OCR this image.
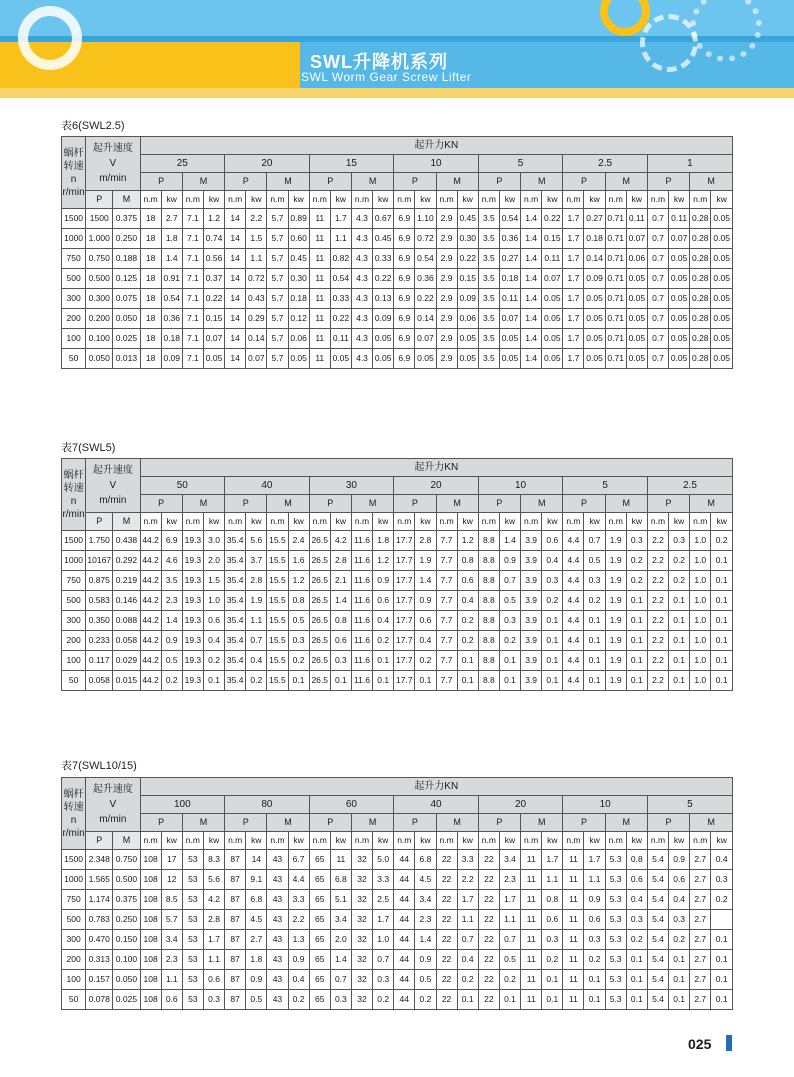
SWL升降机系列
SWL Worm Gear Screw Lifter
表6(SWL2.5)
蜗杆
转速
n
r/min	起升速度
V
m/min		起升力KN																											
			25				20				15				10				5				2.5				1			
			P		M		P		M		P		M		P		M		P		M		P		M		P		M	
	P	M	n.m	kw	n.m	kw	n.m	kw	n.m	kw	n.m	kw	n.m	kw	n.m	kw	n.m	kw	n.m	kw	n.m	kw	n.m	kw	n.m	kw	n.m	kw	n.m	kw
1500	1500	0.375	18	2.7	7.1	1.2	14	2.2	5.7	0.89	11	1.7	4.3	0.67	6.9	1.10	2.9	0.45	3.5	0.54	1.4	0.22	1.7	0.27	0.71	0.11	0.7	0.11	0.28	0.05
1000	1.000	0.250	18	1.8	7.1	0.74	14	1.5	5.7	0.60	11	1.1	4.3	0.45	6.9	0.72	2.9	0.30	3.5	0.36	1.4	0.15	1.7	0.18	0.71	0.07	0.7	0.07	0.28	0.05
750	0.750	0.188	18	1.4	7.1	0.56	14	1.1	5.7	0.45	11	0.82	4.3	0.33	6.9	0.54	2.9	0.22	3.5	0.27	1.4	0.11	1.7	0.14	0.71	0.06	0.7	0.05	0.28	0.05
500	0.500	0.125	18	0.91	7.1	0.37	14	0.72	5.7	0.30	11	0.54	4.3	0.22	6.9	0.36	2.9	0.15	3.5	0.18	1.4	0.07	1.7	0.09	0.71	0.05	0.7	0.05	0.28	0.05
300	0.300	0.075	18	0.54	7.1	0.22	14	0.43	5.7	0.18	11	0.33	4.3	0.13	6.9	0.22	2.9	0.09	3.5	0.11	1.4	0.05	1.7	0.05	0.71	0.05	0.7	0.05	0.28	0.05
200	0.200	0.050	18	0.36	7.1	0.15	14	0.29	5.7	0.12	11	0.22	4.3	0.09	6.9	0.14	2.9	0.06	3.5	0.07	1.4	0.05	1.7	0.05	0.71	0.05	0.7	0.05	0.28	0.05
100	0.100	0.025	18	0.18	7.1	0.07	14	0.14	5.7	0.06	11	0.11	4.3	0.05	6.9	0.07	2.9	0.05	3.5	0.05	1.4	0.05	1.7	0.05	0.71	0.05	0.7	0.05	0.28	0.05
50	0.050	0.013	18	0.09	7.1	0.05	14	0.07	5.7	0.05	11	0.05	4.3	0.05	6.9	0.05	2.9	0.05	3.5	0.05	1.4	0.05	1.7	0.05	0.71	0.05	0.7	0.05	0.28	0.05
表7(SWL5)
蜗杆
转速
n
r/min	起升速度
V
m/min		起升力KN																											
			50				40				30				20				10				5				2.5			
			P		M		P		M		P		M		P		M		P		M		P		M		P		M	
	P	M	n.m	kw	n.m	kw	n.m	kw	n.m	kw	n.m	kw	n.m	kw	n.m	kw	n.m	kw	n.m	kw	n.m	kw	n.m	kw	n.m	kw	n.m	kw	n.m	kw
1500	1.750	0.438	44.2	6.9	19.3	3.0	35.4	5.6	15.5	2.4	26.5	4.2	11.6	1.8	17.7	2.8	7.7	1.2	8.8	1.4	3.9	0.6	4.4	0.7	1.9	0.3	2.2	0.3	1.0	0.2
1000	10167	0.292	44.2	4.6	19.3	2.0	35.4	3.7	15.5	1.6	26.5	2.8	11.6	1.2	17.7	1.9	7.7	0.8	8.8	0.9	3.9	0.4	4.4	0.5	1.9	0.2	2.2	0.2	1.0	0.1
750	0.875	0.219	44.2	3.5	19.3	1.5	35.4	2.8	15.5	1.2	26.5	2.1	11.6	0.9	17.7	1.4	7.7	0.6	8.8	0.7	3.9	0.3	4.4	0.3	1.9	0.2	2.2	0.2	1.0	0.1
500	0.583	0.146	44.2	2.3	19.3	1.0	35.4	1.9	15.5	0.8	26.5	1.4	11.6	0.6	17.7	0.9	7.7	0.4	8.8	0.5	3.9	0.2	4.4	0.2	1.9	0.1	2.2	0.1	1.0	0.1
300	0.350	0.088	44.2	1.4	19.3	0.6	35.4	1.1	15.5	0.5	26.5	0.8	11.6	0.4	17.7	0.6	7.7	0.2	8.8	0.3	3.9	0.1	4.4	0.1	1.9	0.1	2.2	0.1	1.0	0.1
200	0.233	0.058	44.2	0.9	19.3	0.4	35.4	0.7	15.5	0.3	26.5	0.6	11.6	0.2	17.7	0.4	7.7	0.2	8.8	0.2	3.9	0.1	4.4	0.1	1.9	0.1	2.2	0.1	1.0	0.1
100	0.117	0.029	44.2	0.5	19.3	0.2	35.4	0.4	15.5	0.2	26.5	0.3	11.6	0.1	17.7	0.2	7.7	0.1	8.8	0.1	3.9	0.1	4.4	0.1	1.9	0.1	2.2	0.1	1.0	0.1
50	0.058	0.015	44.2	0.2	19.3	0.1	35.4	0.2	15.5	0.1	26.5	0.1	11.6	0.1	17.7	0.1	7.7	0.1	8.8	0.1	3.9	0.1	4.4	0.1	1.9	0.1	2.2	0.1	1.0	0.1
表7(SWL10/15)
蜗杆
转速
n
r/min	起升速度
V
m/min		起升力KN																											
			100				80				60				40				20				10				5			
			P		M		P		M		P		M		P		M		P		M		P		M		P		M	
	P	M	n.m	kw	n.m	kw	n.m	kw	n.m	kw	n.m	kw	n.m	kw	n.m	kw	n.m	kw	n.m	kw	n.m	kw	n.m	kw	n.m	kw	n.m	kw	n.m	kw
1500	2.348	0.750	108	17	53	8.3	87	14	43	6.7	65	11	32	5.0	44	6.8	22	3.3	22	3.4	11	1.7	11	1.7	5.3	0.8	5.4	0.9	2.7	0.4
1000	1.565	0.500	108	12	53	5.6	87	9.1	43	4.4	65	6.8	32	3.3	44	4.5	22	2.2	22	2.3	11	1.1	11	1.1	5.3	0.6	5.4	0.6	2.7	0.3
750	1.174	0.375	108	8.5	53	4.2	87	6.8	43	3.3	65	5.1	32	2.5	44	3.4	22	1.7	22	1.7	11	0.8	11	0.9	5.3	0.4	5.4	0.4	2.7	0.2
500	0.783	0.250	108	5.7	53	2.8	87	4.5	43	2.2	65	3.4	32	1.7	44	2.3	22	1.1	22	1.1	11	0.6	11	0.6	5.3	0.3	5.4	0.3	2.7	
300	0.470	0.150	108	3.4	53	1.7	87	2.7	43	1.3	65	2.0	32	1.0	44	1.4	22	0.7	22	0.7	11	0.3	11	0.3	5.3	0.2	5.4	0.2	2.7	0.1
200	0.313	0.100	108	2.3	53	1.1	87	1.8	43	0.9	65	1.4	32	0.7	44	0.9	22	0.4	22	0.5	11	0.2	11	0.2	5.3	0.1	5.4	0.1	2.7	0.1
100	0.157	0.050	108	1.1	53	0.6	87	0.9	43	0.4	65	0.7	32	0.3	44	0.5	22	0.2	22	0.2	11	0.1	11	0.1	5.3	0.1	5.4	0.1	2.7	0.1
50	0.078	0.025	108	0.6	53	0.3	87	0.5	43	0.2	65	0.3	32	0.2	44	0.2	22	0.1	22	0.1	11	0.1	11	0.1	5.3	0.1	5.4	0.1	2.7	0.1
025
